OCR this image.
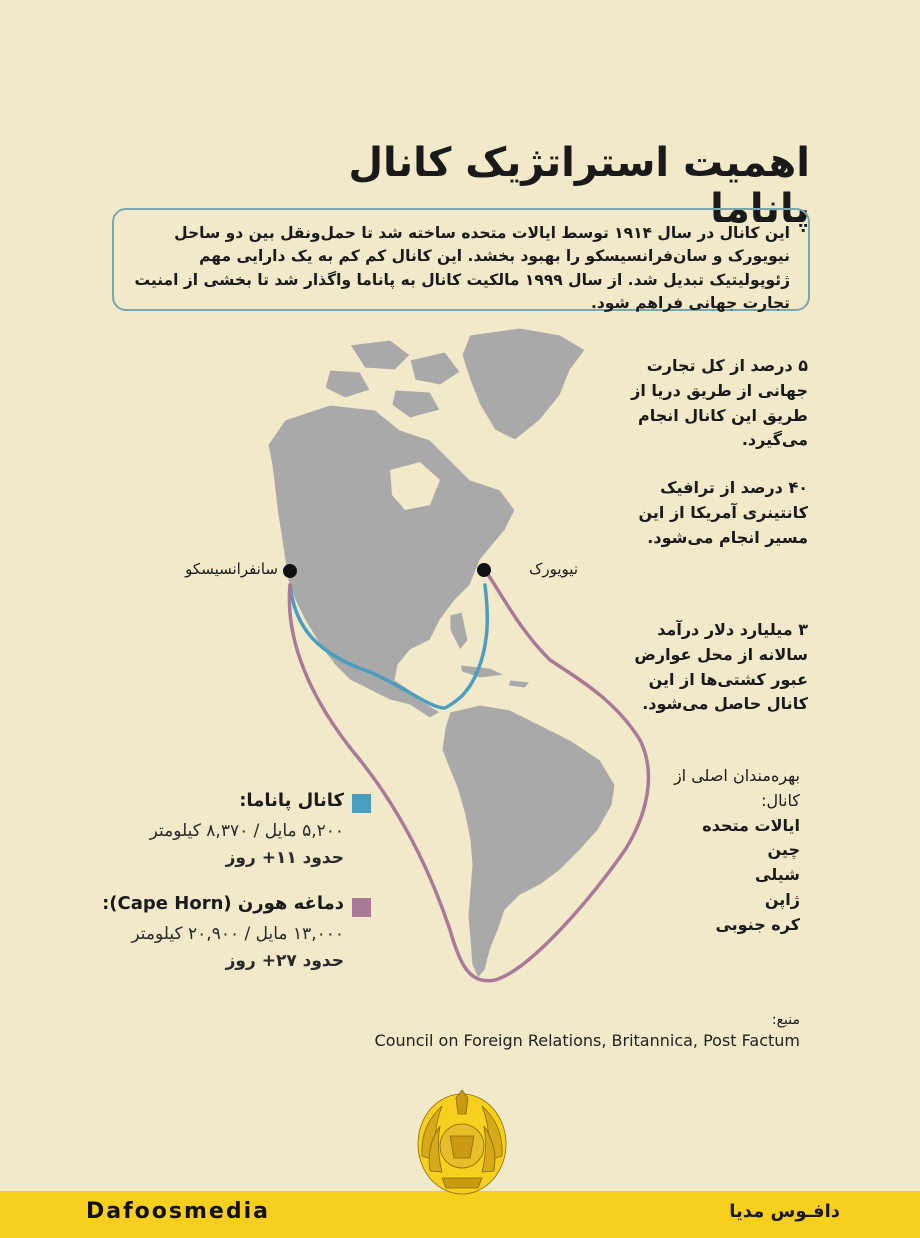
اهمیت استراتژیک کانال پاناما
این کانال در سال ۱۹۱۴ توسط ایالات متحده ساخته شد تا حمل‌ونقل بین دو ساحل نیویورک و سان‌فرانسیسکو را بهبود بخشد. این کانال کم کم به یک دارایی مهم ژئوپولیتیک تبدیل شد. از سال ۱۹۹۹ مالکیت کانال به پاناما واگذار شد تا بخشی از امنیت تجارت جهانی فراهم شود.
سانفرانسیسکو	نیویورک
۵ درصد از کل تجارت جهانی از طریق دریا از طریق این کانال انجام می‌گیرد.
۴۰ درصد از ترافیک کانتینری آمریکا از این مسیر انجام می‌شود.
۳ میلیارد دلار درآمد سالانه از محل عوارض عبور کشتی‌ها از این کانال حاصل می‌شود.
بهره‌مندان اصلی از کانال:
ایالات متحده
چین
شیلی
ژاپن
کره جنوبی
کانال پاناما:
۵,۲۰۰ مایل / ۸,۳۷۰ کیلومتر
حدود ۱۱+ روز
دماغه هورن (Cape Horn):
۱۳,۰۰۰ مایل / ۲۰,۹۰۰ کیلومتر
حدود ۲۷+ روز
منبع:
Council on Foreign Relations, Britannica, Post Factum
Dafoosmedia	دافـوس مدیا
